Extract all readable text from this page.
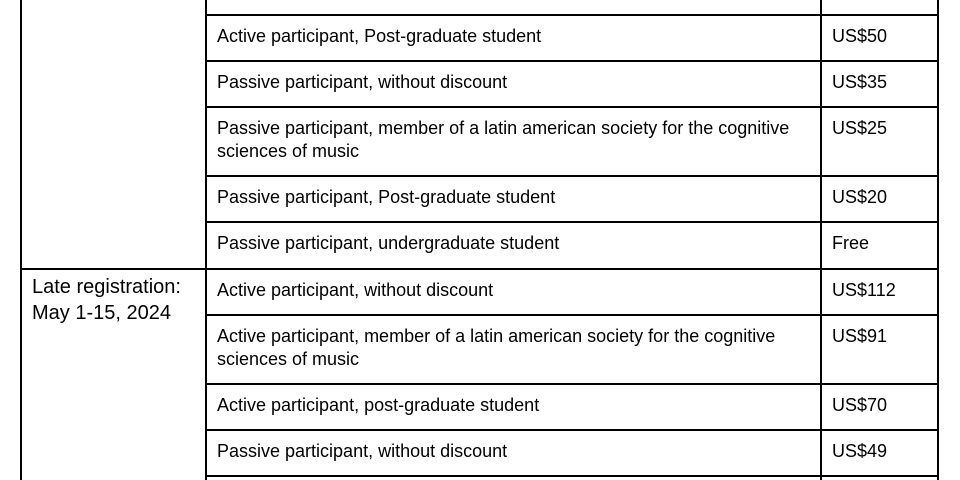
	Active participant, Post-graduate student	US$50
	Passive participant, without discount	US$35
	Passive participant, member of a latin american society for the cognitive sciences of music	US$25
	Passive participant, Post-graduate student	US$20
	Passive participant, undergraduate student	Free
Late registration: May 1-15, 2024	Active participant, without discount	US$112
	Active participant, member of a latin american society for the cognitive sciences of music	US$91
	Active participant, post-graduate student	US$70
	Passive participant, without discount	US$49
